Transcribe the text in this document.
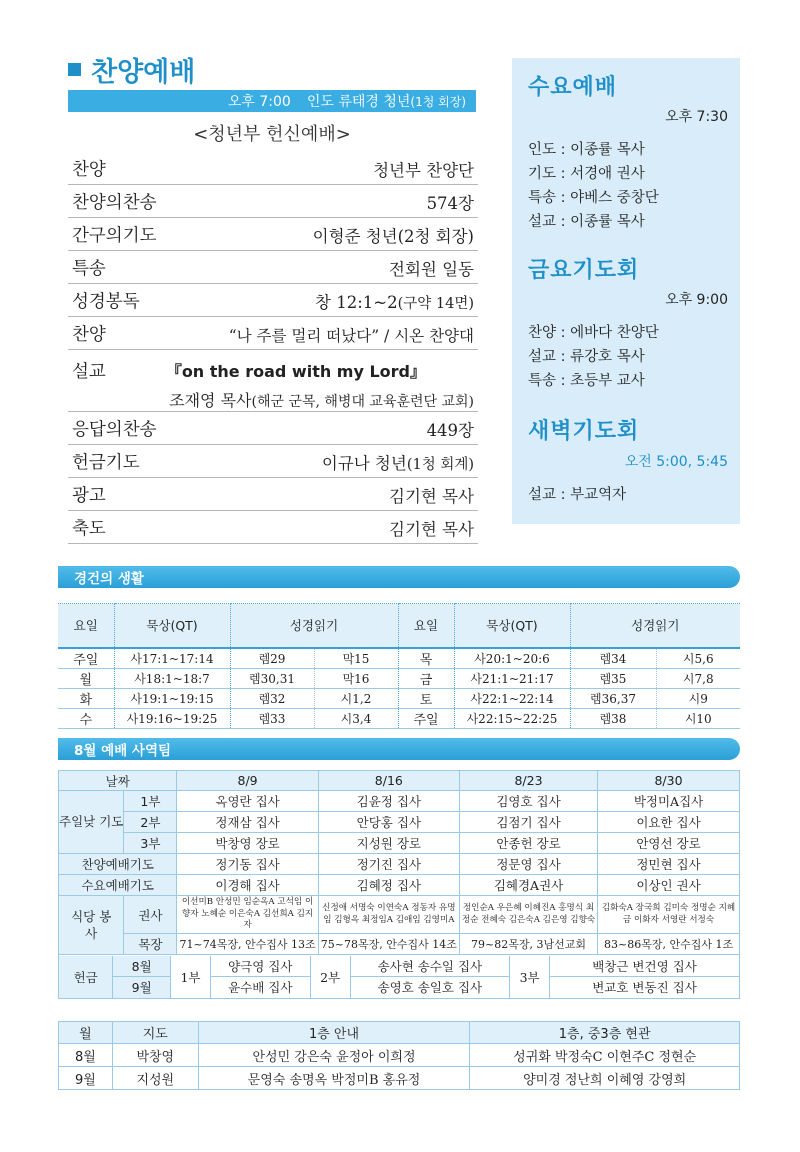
찬양예배
오후 7:00 인도 류태경 청년(1청 회장)
<청년부 헌신예배>
찬양	청년부 찬양단
찬양의찬송	574장
간구의기도	이형준 청년(2청 회장)
특송	전회원 일동
성경봉독	창 12:1~2(구약 14면)
찬양	“나 주를 멀리 떠났다” / 시온 찬양대
설교	『on the road with my Lord』
조재영 목사(해군 군목, 해병대 교육훈련단 교회)
응답의찬송	449장
헌금기도	이규나 청년(1청 회계)
광고	김기현 목사
축도	김기현 목사
수요예배
오후 7:30
인도 : 이종률 목사
기도 : 서경애 권사
특송 : 야베스 중창단
설교 : 이종률 목사
금요기도회
오후 9:00
찬양 : 에바다 찬양단
설교 : 류강호 목사
특송 : 초등부 교사
새벽기도회
오전 5:00, 5:45
설교 : 부교역자
경건의 생활
요일	묵상(QT)	성경읽기		요일	묵상(QT)	성경읽기	
주일	사17:1~17:14	렘29	막15	목	사20:1~20:6	렘34	시5,6
월	사18:1~18:7	렘30,31	막16	금	사21:1~21:17	렘35	시7,8
화	사19:1~19:15	렘32	시1,2	토	사22:1~22:14	렘36,37	시9
수	사19:16~19:25	렘33	시3,4	주일	사22:15~22:25	렘38	시10
8월 예배 사역팀
날짜	8/9	8/16	8/23	8/30
주일낮 기도	1부	옥영란 집사	김윤정 집사	김영호 집사	박정미A집사
2부	정재삼 집사	안당홍 집사	김점기 집사	이요한 집사
3부	박창영 장로	지성원 장로	안종헌 장로	안영선 장로
찬양예배기도	정기동 집사	정기진 집사	정문영 집사	정민현 집사
수요예배기도	이경해 집사	김혜정 집사	김혜경A권사	이상인 권사
식당 봉사	권사	이선미B 안성민 임순옥A 고석임 이향자 노혜순 이은숙A 김선희A 김지자	신정애 서명숙 이연숙A 정동자 유명임 김형옥 최정임A 김애임 김영미A	정인순A 우은혜 이혜진A 홍명식 최정순 전혜숙 김은숙A 김은영 김향숙	김화숙A 장국희 김미숙 정명순 지혜금 이화자 서영란 서정숙
목장	71~74목장, 안수집사 13조	75~78목장, 안수집사 14조	79~82목장, 3남선교회	83~86목장, 안수집사 1조

헌금	8월	1부	양극영 집사	2부	송사현 송수일 집사	3부	백창근 변건영 집사
9월	윤수배 집사	송영호 송일호 집사	변교호 변동진 집사
월	지도	1층 안내	1층, 중3층 현관
8월	박창영	안성민 강은숙 윤정아 이희정	성귀화 박정숙C 이현주C 정현순
9월	지성원	문영숙 송명옥 박정미B 홍유정	양미경 정난희 이혜영 강영희
